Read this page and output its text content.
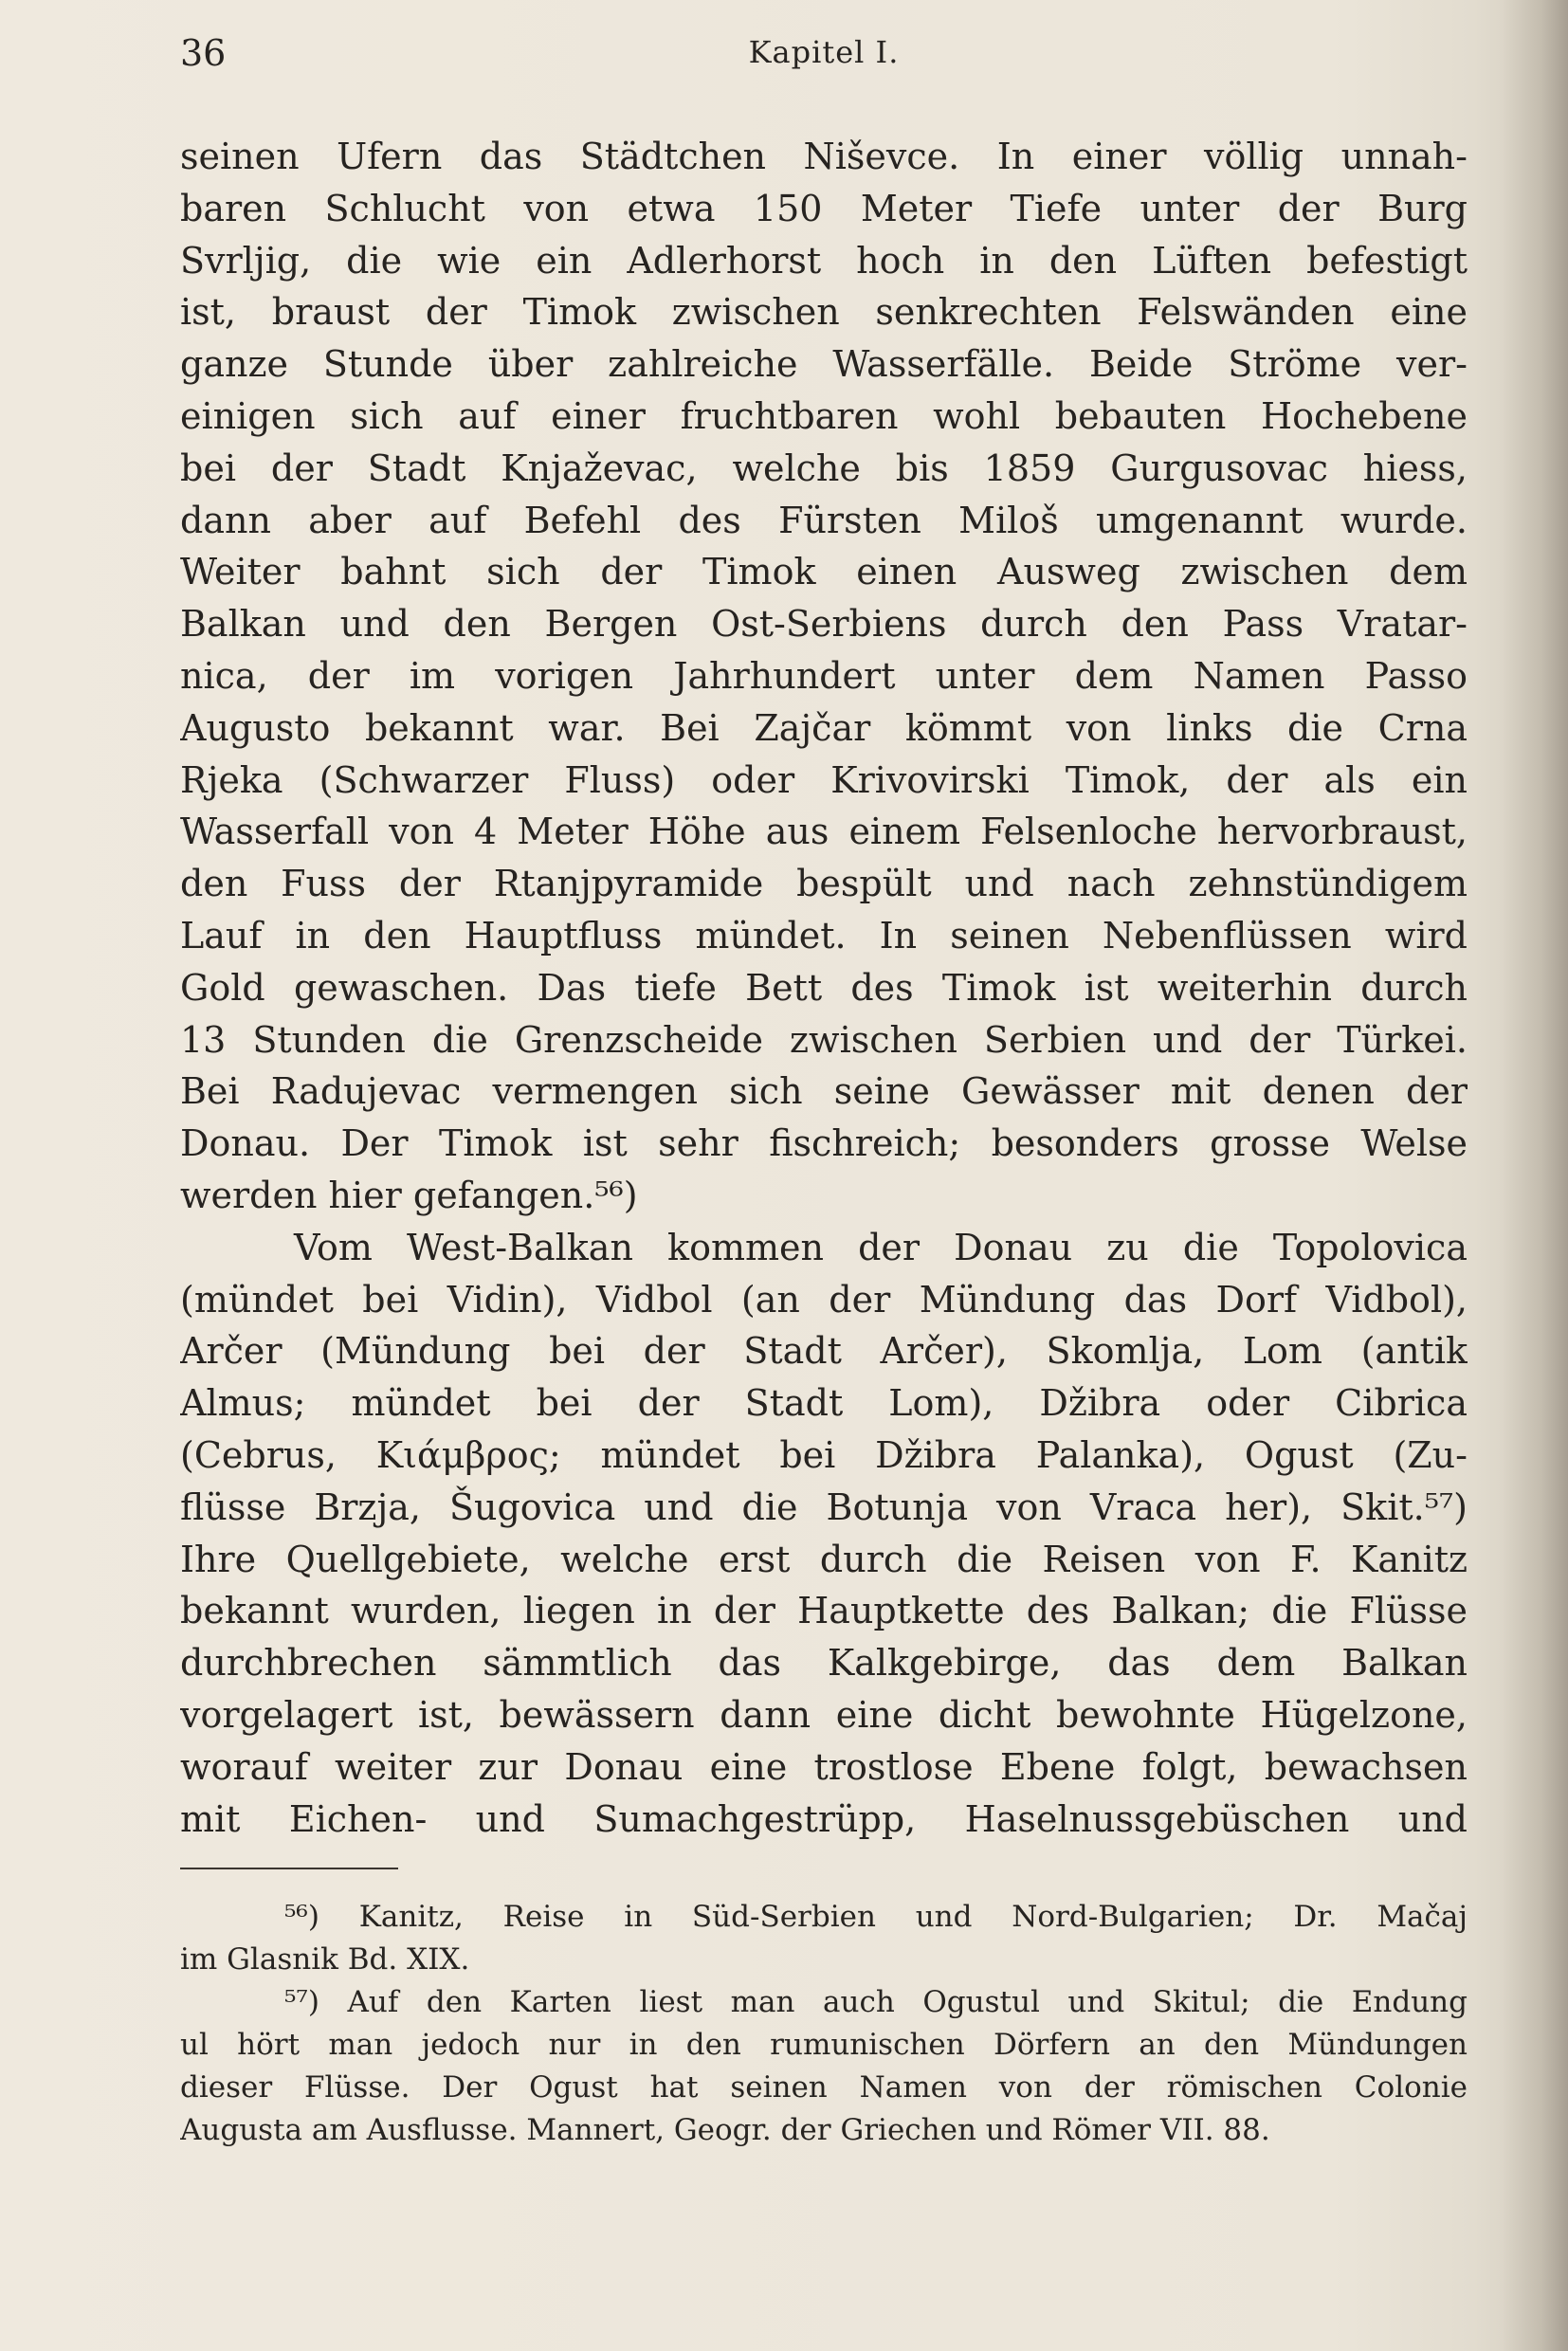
36	Kapitel I.
seinen Ufern das Städtchen Niševce. In einer völlig unnah-
baren Schlucht von etwa 150 Meter Tiefe unter der Burg
Svrljig, die wie ein Adlerhorst hoch in den Lüften befestigt
ist, braust der Timok zwischen senkrechten Felswänden eine
ganze Stunde über zahlreiche Wasserfälle. Beide Ströme ver-
einigen sich auf einer fruchtbaren wohl bebauten Hochebene
bei der Stadt Knjaževac, welche bis 1859 Gurgusovac hiess,
dann aber auf Befehl des Fürsten Miloš umgenannt wurde.
Weiter bahnt sich der Timok einen Ausweg zwischen dem
Balkan und den Bergen Ost-Serbiens durch den Pass Vratar-
nica, der im vorigen Jahrhundert unter dem Namen Passo
Augusto bekannt war. Bei Zajčar kömmt von links die Crna
Rjeka (Schwarzer Fluss) oder Krivovirski Timok, der als ein
Wasserfall von 4 Meter Höhe aus einem Felsenloche hervorbraust,
den Fuss der Rtanjpyramide bespült und nach zehnstündigem
Lauf in den Hauptfluss mündet. In seinen Nebenflüssen wird
Gold gewaschen. Das tiefe Bett des Timok ist weiterhin durch
13 Stunden die Grenzscheide zwischen Serbien und der Türkei.
Bei Radujevac vermengen sich seine Gewässer mit denen der
Donau. Der Timok ist sehr fischreich; besonders grosse Welse
werden hier gefangen.⁵⁶)
Vom West-Balkan kommen der Donau zu die Topolovica
(mündet bei Vidin), Vidbol (an der Mündung das Dorf Vidbol),
Arčer (Mündung bei der Stadt Arčer), Skomlja, Lom (antik
Almus; mündet bei der Stadt Lom), Džibra oder Cibrica
(Cebrus, Κιάμβρος; mündet bei Džibra Palanka), Ogust (Zu-
flüsse Brzja, Šugovica und die Botunja von Vraca her), Skit.⁵⁷)
Ihre Quellgebiete, welche erst durch die Reisen von F. Kanitz
bekannt wurden, liegen in der Hauptkette des Balkan; die Flüsse
durchbrechen sämmtlich das Kalkgebirge, das dem Balkan
vorgelagert ist, bewässern dann eine dicht bewohnte Hügelzone,
worauf weiter zur Donau eine trostlose Ebene folgt, bewachsen
mit Eichen- und Sumachgestrüpp, Haselnussgebüschen und
⁵⁶) Kanitz, Reise in Süd-Serbien und Nord-Bulgarien; Dr. Mačaj
im Glasnik Bd. XIX.
⁵⁷) Auf den Karten liest man auch Ogustul und Skitul; die Endung
ul hört man jedoch nur in den rumunischen Dörfern an den Mündungen
dieser Flüsse. Der Ogust hat seinen Namen von der römischen Colonie
Augusta am Ausflusse. Mannert, Geogr. der Griechen und Römer VII. 88.
